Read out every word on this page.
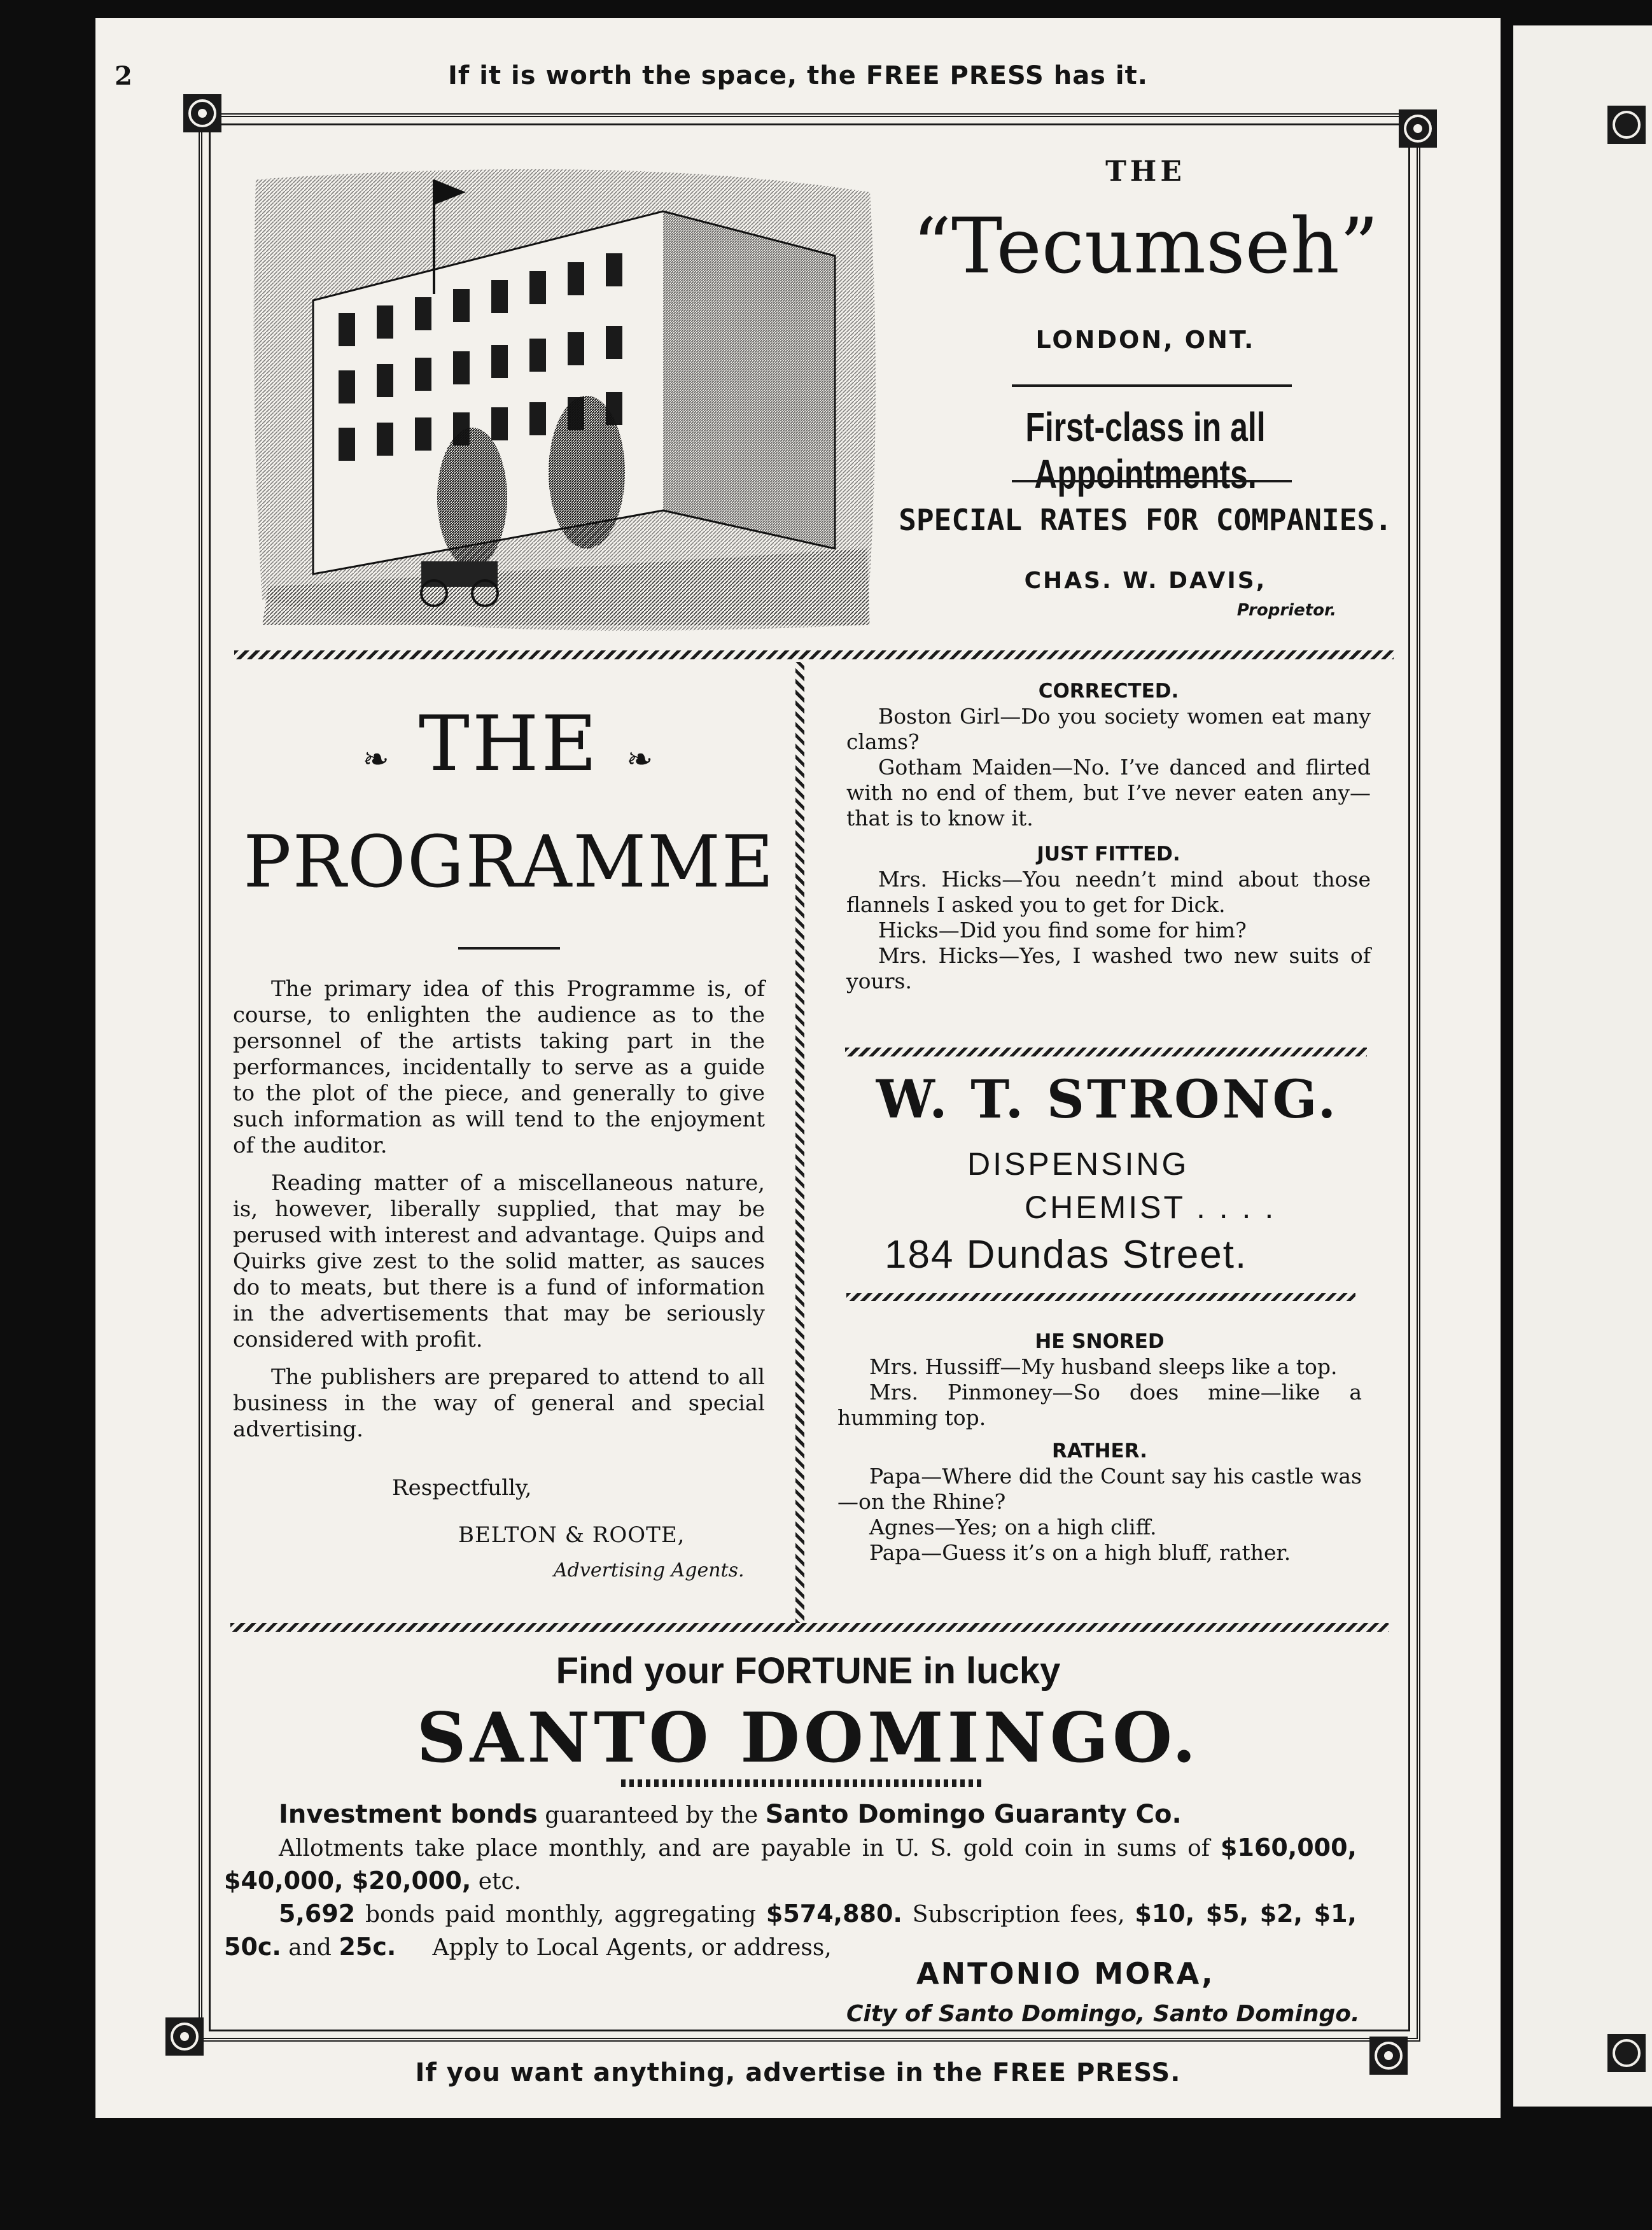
2	If it is worth the space, the FREE PRESS has it.
THE
“Tecumseh”
LONDON, ONT.
First-class in all Appointments.
SPECIAL RATES FOR COMPANIES.
CHAS. W. DAVIS,
Proprietor.
❧ THE ❧
PROGRAMME

The primary idea of this Programme is, of course, to enlighten the audience as to the personnel of the artists taking part in the performances, incidentally to serve as a guide to the plot of the piece, and generally to give such information as will tend to the enjoyment of the auditor.

Reading matter of a miscellaneous nature, is, however, liberally supplied, that may be perused with interest and advantage. Quips and Quirks give zest to the solid matter, as sauces do to meats, but there is a fund of information in the advertisements that may be seriously considered with profit.

The publishers are prepared to attend to all business in the way of general and special advertising.

Respectfully,
BELTON & ROOTE,
Advertising Agents.
CORRECTED.

Boston Girl—Do you society women eat many clams?

Gotham Maiden—No. I’ve danced and flirted with no end of them, but I’ve never eaten any—that is to know it.

JUST FITTED.

Mrs. Hicks—You needn’t mind about those flannels I asked you to get for Dick.

Hicks—Did you find some for him?

Mrs. Hicks—Yes, I washed two new suits of yours.

W. T. STRONG.
DISPENSING
CHEMIST . . . .
184 Dundas Street.
HE SNORED

Mrs. Hussiff—My husband sleeps like a top.

Mrs. Pinmoney—So does mine—like a humming top.

RATHER.

Papa—Where did the Count say his castle was —on the Rhine?

Agnes—Yes; on a high cliff.

Papa—Guess it’s on a high bluff, rather.

Find your FORTUNE in lucky
SANTO DOMINGO.
Investment bonds guaranteed by the Santo Domingo Guaranty Co.
Allotments take place monthly, and are payable in U. S. gold coin in sums of $160,000, $40,000, $20,000, etc.
5,692 bonds paid monthly, aggregating $574,880. Subscription fees, $10, $5, $2, $1, 50c. and 25c.     Apply to Local Agents, or address,
ANTONIO MORA,
City of Santo Domingo, Santo Domingo.
If you want anything, advertise in the FREE PRESS.
